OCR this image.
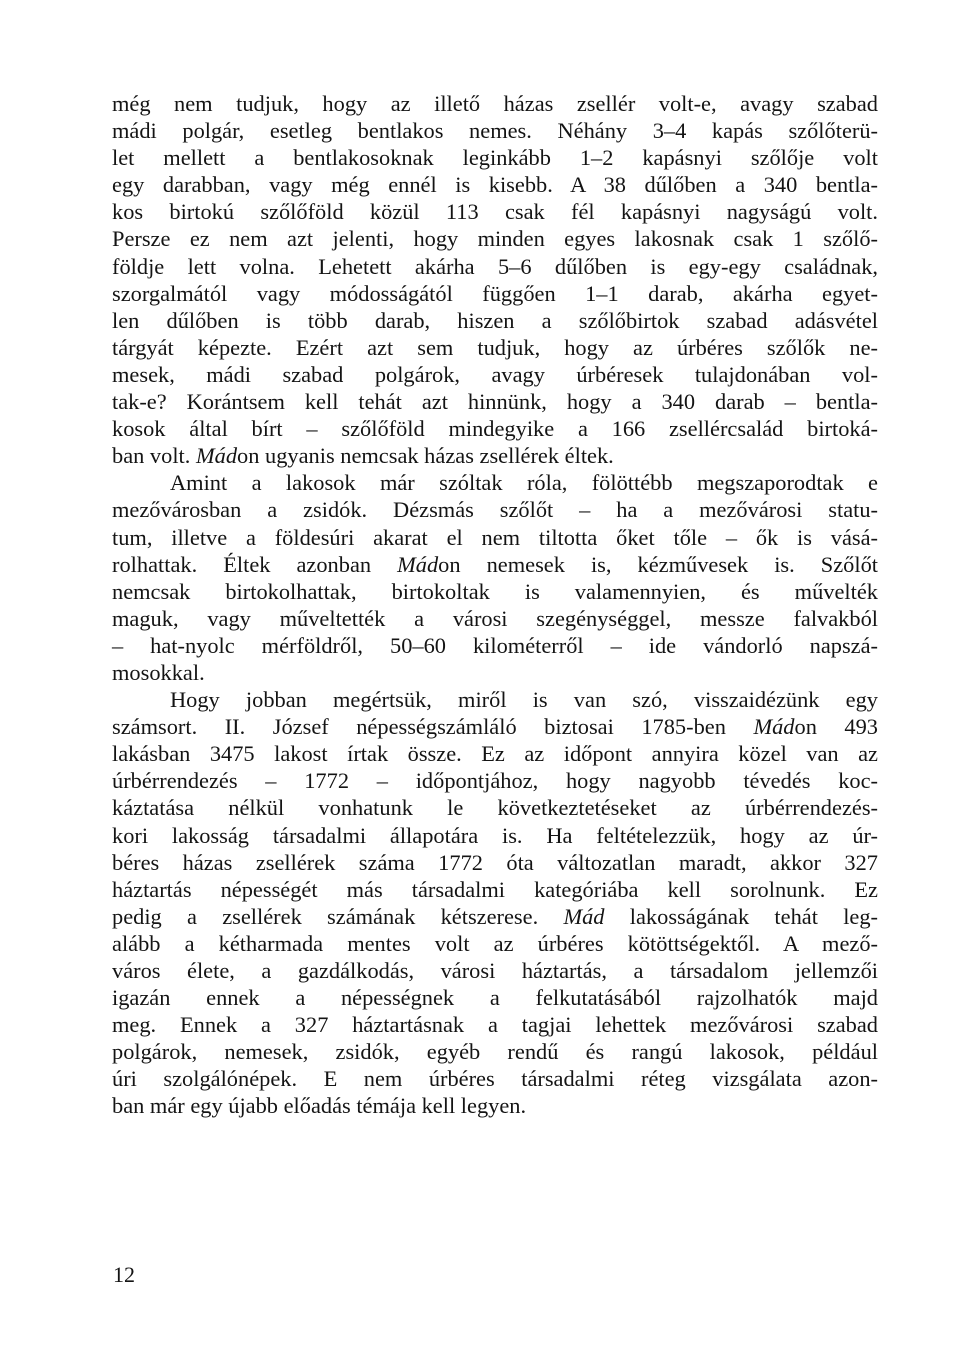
még nem tudjuk, hogy az illető házas zsellér volt-e, avagy szabad
mádi polgár, esetleg bentlakos nemes. Néhány 3–4 kapás szőlőterü-
let mellett a bentlakosoknak leginkább 1–2 kapásnyi szőlője volt
egy darabban, vagy még ennél is kisebb. A 38 dűlőben a 340 bentla-
kos birtokú szőlőföld közül 113 csak fél kapásnyi nagyságú volt.
Persze ez nem azt jelenti, hogy minden egyes lakosnak csak 1 szőlő-
földje lett volna. Lehetett akárha 5–6 dűlőben is egy-egy családnak,
szorgalmától vagy módosságától függően 1–1 darab, akárha egyet-
len dűlőben is több darab, hiszen a szőlőbirtok szabad adásvétel
tárgyát képezte. Ezért azt sem tudjuk, hogy az úrbéres szőlők ne-
mesek, mádi szabad polgárok, avagy úrbéresek tulajdonában vol-
tak-e? Korántsem kell tehát azt hinnünk, hogy a 340 darab – bentla-
kosok által bírt – szőlőföld mindegyike a 166 zsellércsalád birtoká-
ban volt. Mádon ugyanis nemcsak házas zsellérek éltek.
Amint a lakosok már szóltak róla, fölöttébb megszaporodtak e
mezővárosban a zsidók. Dézsmás szőlőt – ha a mezővárosi statu-
tum, illetve a földesúri akarat el nem tiltotta őket tőle – ők is vásá-
rolhattak. Éltek azonban Mádon nemesek is, kézművesek is. Szőlőt
nemcsak birtokolhattak, birtokoltak is valamennyien, és művelték
maguk, vagy műveltették a városi szegénységgel, messze falvakból
– hat-nyolc mérföldről, 50–60 kilométerről – ide vándorló napszá-
mosokkal.
Hogy jobban megértsük, miről is van szó, visszaidézünk egy
számsort. II. József népességszámláló biztosai 1785-ben Mádon 493
lakásban 3475 lakost írtak össze. Ez az időpont annyira közel van az
úrbérrendezés – 1772 – időpontjához, hogy nagyobb tévedés koc-
káztatása nélkül vonhatunk le következtetéseket az úrbérrendezés-
kori lakosság társadalmi állapotára is. Ha feltételezzük, hogy az úr-
béres házas zsellérek száma 1772 óta változatlan maradt, akkor 327
háztartás népességét más társadalmi kategóriába kell sorolnunk. Ez
pedig a zsellérek számának kétszerese. Mád lakosságának tehát leg-
alább a kétharmada mentes volt az úrbéres kötöttségektől. A mező-
város élete, a gazdálkodás, városi háztartás, a társadalom jellemzői
igazán ennek a népességnek a felkutatásából rajzolhatók majd
meg. Ennek a 327 háztartásnak a tagjai lehettek mezővárosi szabad
polgárok, nemesek, zsidók, egyéb rendű és rangú lakosok, például
úri szolgálónépek. E nem úrbéres társadalmi réteg vizsgálata azon-
ban már egy újabb előadás témája kell legyen.
12
